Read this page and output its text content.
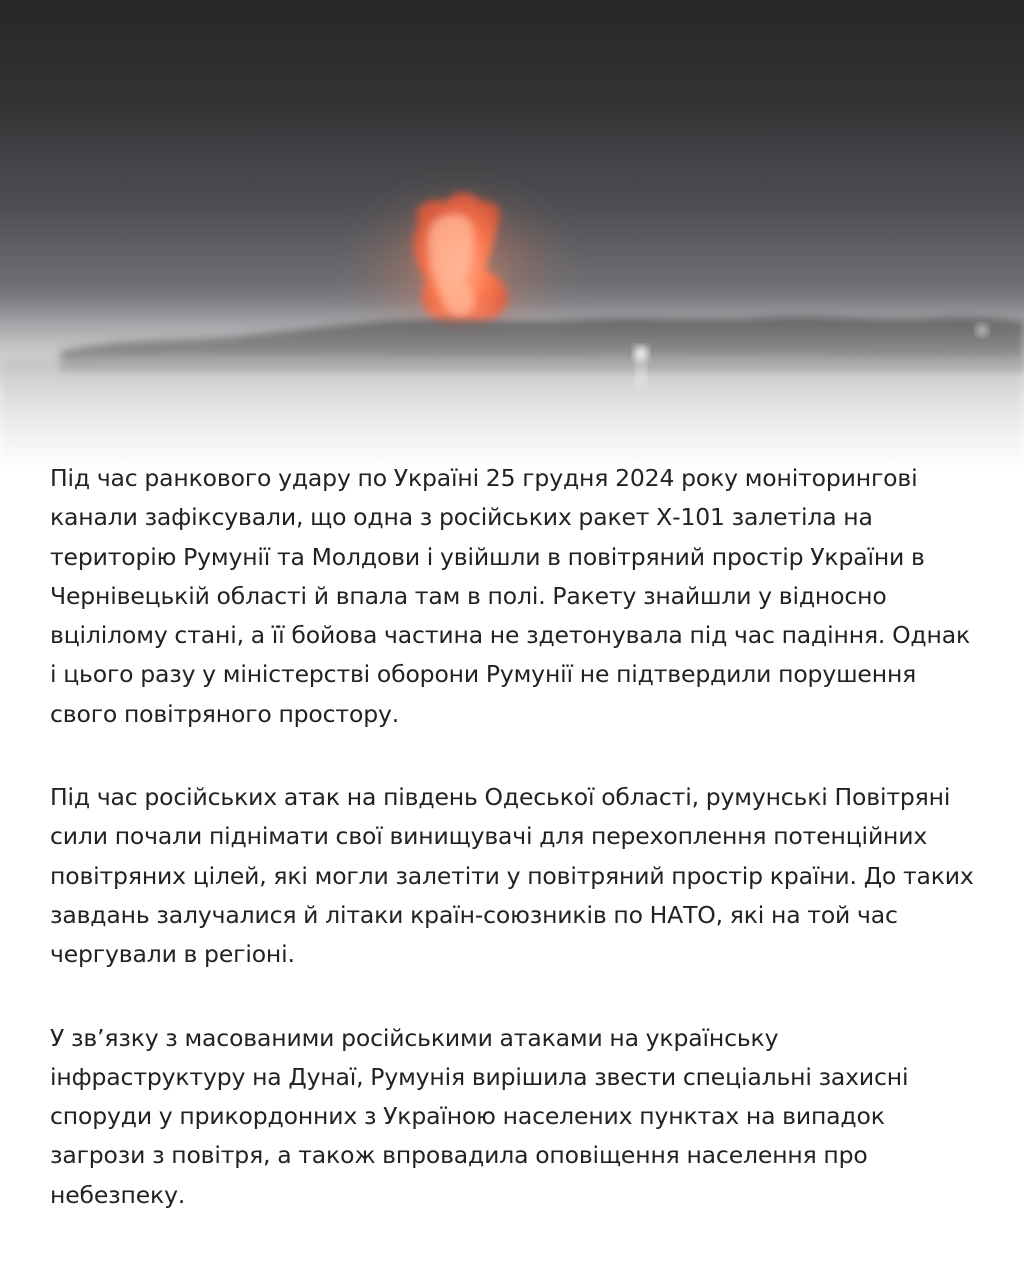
Під час ранкового удару по Україні 25 грудня 2024 року моніторингові канали зафіксували, що одна з російських ракет Х-101 залетіла на територію Румунії та Молдови і увійшли в повітряний простір України в Чернівецькій області й впала там в полі. Ракету знайшли у відносно вцілілому стані, а її бойова частина не здетонувала під час падіння. Однак і цього разу у міністерстві оборони Румунії не підтвердили порушення свого повітряного простору.

Під час російських атак на південь Одеської області, румунські Повітряні сили почали піднімати свої винищувачі для перехоплення потенційних повітряних цілей, які могли залетіти у повітряний простір країни. До таких завдань залучалися й літаки країн-союзників по НАТО, які на той час чергували в регіоні.

У зв’язку з масованими російськими атаками на українську інфраструктуру на Дунаї, Румунія вирішила звести спеціальні захисні споруди у прикордонних з Україною населених пунктах на випадок загрози з повітря, а також впровадила оповіщення населення про небезпеку.
